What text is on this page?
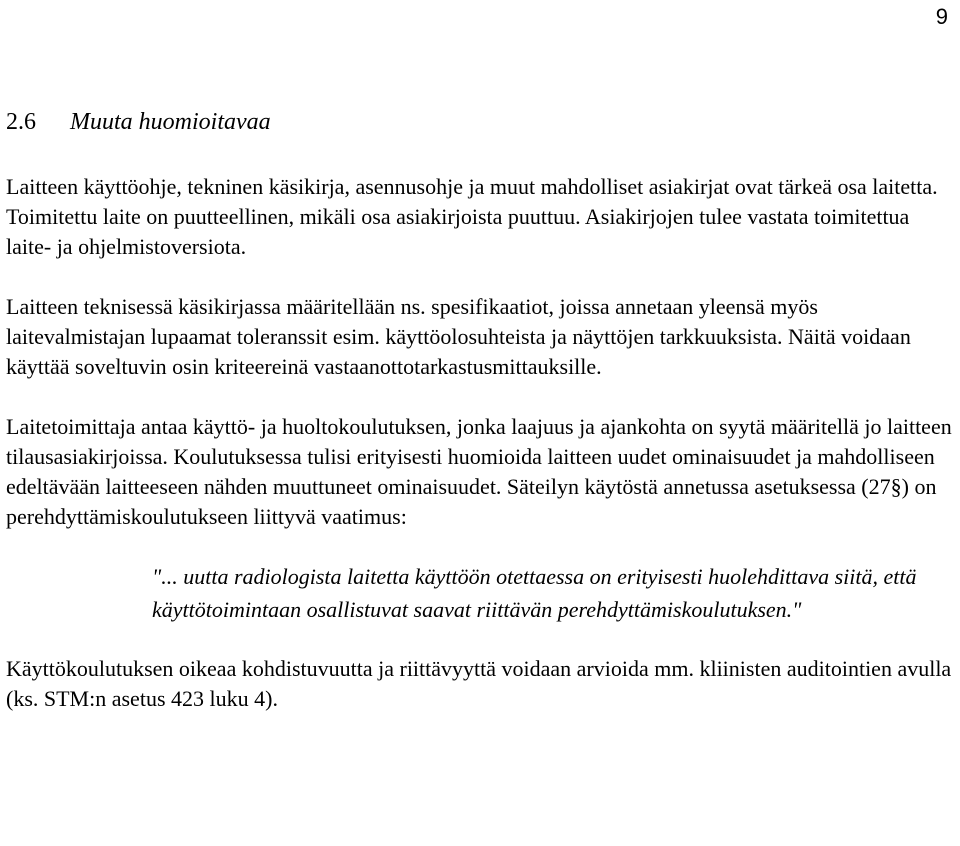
9
2.6 Muuta huomioitavaa

Laitteen käyttöohje, tekninen käsikirja, asennusohje ja muut mahdolliset asiakirjat ovat tärkeä osa laitetta. Toimitettu laite on puutteellinen, mikäli osa asiakirjoista puuttuu. Asiakirjojen tulee vastata toimitettua laite- ja ohjelmistoversiota.

Laitteen teknisessä käsikirjassa määritellään ns. spesifikaatiot, joissa annetaan yleensä myös laitevalmistajan lupaamat toleranssit esim. käyttöolosuhteista ja näyttöjen tarkkuuksista. Näitä voidaan käyttää soveltuvin osin kriteereinä vastaanottotarkastusmittauksille.

Laitetoimittaja antaa käyttö- ja huoltokoulutuksen, jonka laajuus ja ajankohta on syytä määritellä jo laitteen tilausasiakirjoissa. Koulutuksessa tulisi erityisesti huomioida laitteen uudet ominaisuudet ja mahdolliseen edeltävään laitteeseen nähden muuttuneet ominaisuudet. Säteilyn käytöstä annetussa asetuksessa (27§) on perehdyttämiskoulutukseen liittyvä vaatimus:

"... uutta radiologista laitetta käyttöön otettaessa on erityisesti huolehdittava siitä, että käyttötoimintaan osallistuvat saavat riittävän perehdyttämiskoulutuksen."

Käyttökoulutuksen oikeaa kohdistuvuutta ja riittävyyttä voidaan arvioida mm. kliinisten auditointien avulla (ks. STM:n asetus 423 luku 4).
